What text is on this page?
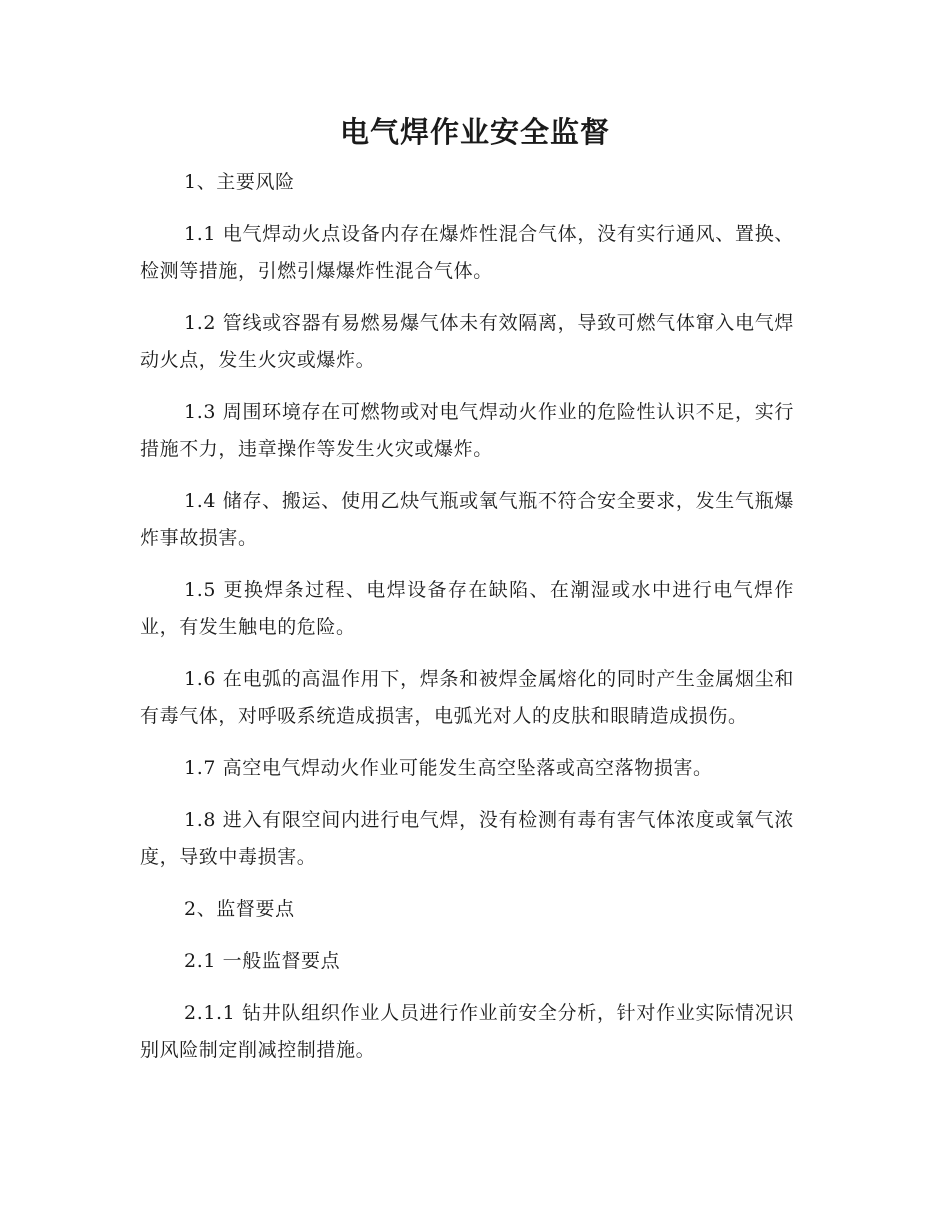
电气焊作业安全监督

1、主要风险

1.1 电气焊动火点设备内存在爆炸性混合气体，没有实行通风、置换、检测等措施，引燃引爆爆炸性混合气体。

1.2 管线或容器有易燃易爆气体未有效隔离，导致可燃气体窜入电气焊动火点，发生火灾或爆炸。

1.3 周围环境存在可燃物或对电气焊动火作业的危险性认识不足，实行措施不力，违章操作等发生火灾或爆炸。

1.4 储存、搬运、使用乙炔气瓶或氧气瓶不符合安全要求，发生气瓶爆炸事故损害。

1.5 更换焊条过程、电焊设备存在缺陷、在潮湿或水中进行电气焊作业，有发生触电的危险。

1.6 在电弧的高温作用下，焊条和被焊金属熔化的同时产生金属烟尘和有毒气体，对呼吸系统造成损害，电弧光对人的皮肤和眼睛造成损伤。

1.7 高空电气焊动火作业可能发生高空坠落或高空落物损害。

1.8 进入有限空间内进行电气焊，没有检测有毒有害气体浓度或氧气浓度，导致中毒损害。

2、监督要点

2.1 一般监督要点

2.1.1 钻井队组织作业人员进行作业前安全分析，针对作业实际情况识别风险制定削减控制措施。
